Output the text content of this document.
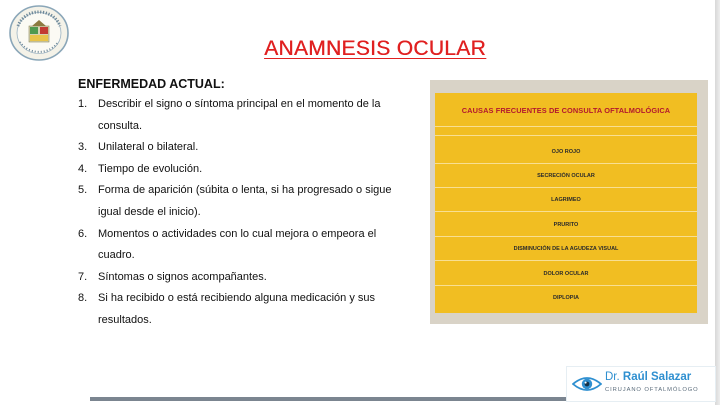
ANAMNESIS OCULAR
ENFERMEDAD ACTUAL:
1. Describir el signo o síntoma principal en el momento de la consulta.
3. Unilateral o bilateral.
4. Tiempo de evolución.
5. Forma de aparición (súbita o lenta, si ha progresado o sigue igual desde el inicio).
6. Momentos o actividades con lo cual mejora o empeora el cuadro.
7. Síntomas o signos acompañantes.
8. Si ha recibido o está recibiendo alguna medicación y sus resultados.
CAUSAS FRECUENTES DE CONSULTA OFTALMOLÓGICA
OJO ROJO
SECRECIÓN OCULAR
LAGRIMEO
PRURITO
DISMINUCIÓN DE LA AGUDEZA VISUAL
DOLOR OCULAR
DIPLOPIA
Dr. Raúl Salazar
CIRUJANO OFTALMÓLOGO
